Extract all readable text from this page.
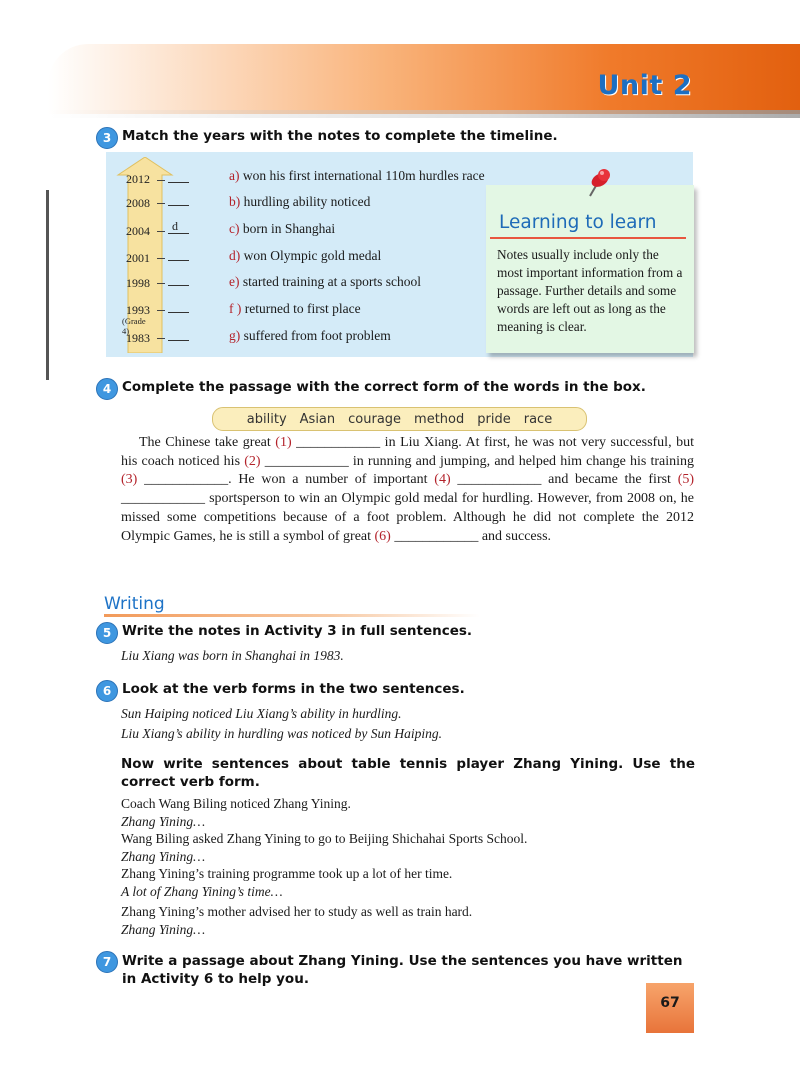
Unit 2
3 Match the years with the notes to complete the timeline.
2012
2008
2004
2001
1998
1993
(Grade 4)
1983
d
a) won his first international 110m hurdles race
b) hurdling ability noticed
c) born in Shanghai
d) won Olympic gold medal
e) started training at a sports school
f ) returned to first place
g) suffered from foot problem
Learning to learn
Notes usually include only the most important information from a passage. Further details and some words are left out as long as the meaning is clear.
4 Complete the passage with the correct form of the words in the box.
ability Asian courage method pride race
The Chinese take great (1) ____________ in Liu Xiang. At first, he was not very successful, but his coach noticed his (2) ____________ in running and jumping, and helped him change his training (3) ____________. He won a number of important (4) ____________ and became the first (5) ____________ sportsperson to win an Olympic gold medal for hurdling. However, from 2008 on, he missed some competitions because of a foot problem. Although he did not complete the 2012 Olympic Games, he is still a symbol of great (6) ____________ and success.
Writing
5 Write the notes in Activity 3 in full sentences.
Liu Xiang was born in Shanghai in 1983.
6 Look at the verb forms in the two sentences.
Sun Haiping noticed Liu Xiang’s ability in hurdling.
Liu Xiang’s ability in hurdling was noticed by Sun Haiping.
Now write sentences about table tennis player Zhang Yining. Use the correct verb form.
Coach Wang Biling noticed Zhang Yining.
Zhang Yining…
Wang Biling asked Zhang Yining to go to Beijing Shichahai Sports School.
Zhang Yining…
Zhang Yining’s training programme took up a lot of her time.
A lot of Zhang Yining’s time…
Zhang Yining’s mother advised her to study as well as train hard.
Zhang Yining…
7 Write a passage about Zhang Yining. Use the sentences you have written in Activity 6 to help you.
67
